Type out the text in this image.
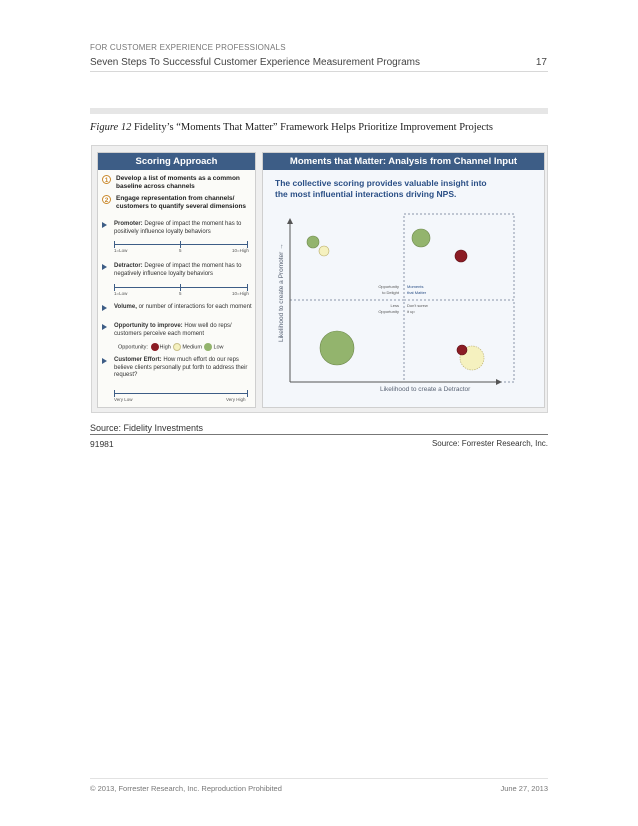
FOR CUSTOMER EXPERIENCE PROFESSIONALS
Seven Steps To Successful Customer Experience Measurement Programs	17
Figure 12 Fidelity’s “Moments That Matter” Framework Helps Prioritize Improvement Projects
Scoring Approach
1	Develop a list of moments as a common baseline across channels
2	Engage representation from channels/ customers to quantify several dimensions
Promoter: Degree of impact the moment has to positively influence loyalty behaviors
1=Low	5	10=High
Detractor: Degree of impact the moment has to negatively influence loyalty behaviors
1=Low	5	10=High
Volume, or number of interactions for each moment
Opportunity to improve: How well do reps/ customers perceive each moment
Opportunity: High Medium Low
Customer Effort: How much effort do our reps believe clients personally put forth to address their request?
Very Low	Very High
Moments that Matter: Analysis from Channel Input
The collective scoring provides valuable insight into
the most influential interactions driving NPS.
Likelihood to create a Promoter →
Likelihood to create a Detractor
Opportunity
to Delight
Moments
that Matter
Less
Opportunity
Don't screw
it up
Source: Fidelity Investments
91981	Source: Forrester Research, Inc.
© 2013, Forrester Research, Inc. Reproduction Prohibited	June 27, 2013
